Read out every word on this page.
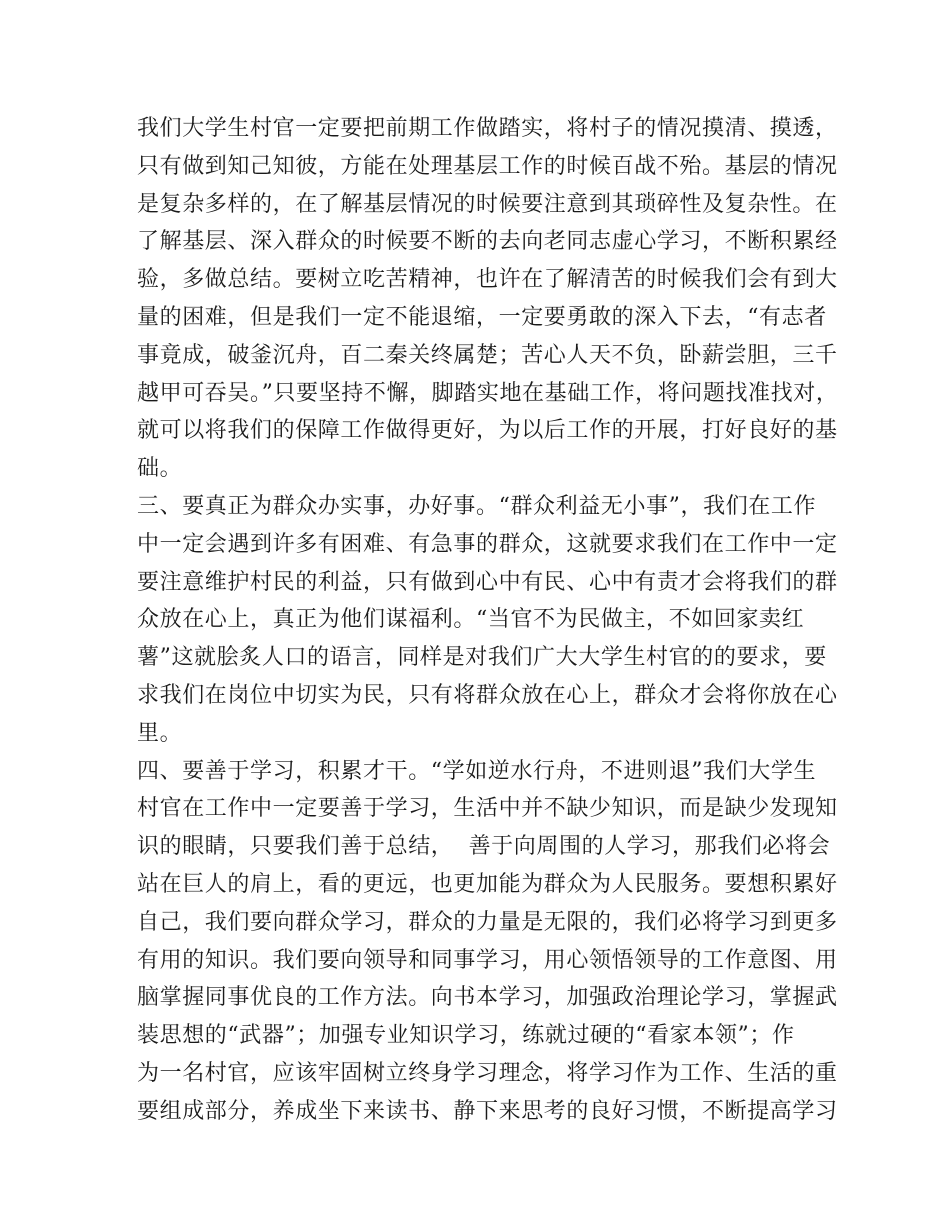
我们大学生村官一定要把前期工作做踏实，将村子的情况摸清、摸透，
只有做到知己知彼，方能在处理基层工作的时候百战不殆。基层的情况
是复杂多样的，在了解基层情况的时候要注意到其琐碎性及复杂性。在
了解基层、深入群众的时候要不断的去向老同志虚心学习，不断积累经
验，多做总结。要树立吃苦精神，也许在了解清苦的时候我们会有到大
量的困难，但是我们一定不能退缩，一定要勇敢的深入下去，“有志者
事竟成，破釜沉舟，百二秦关终属楚；苦心人天不负，卧薪尝胆，三千
越甲可吞吴。”只要坚持不懈，脚踏实地在基础工作，将问题找准找对，
就可以将我们的保障工作做得更好，为以后工作的开展，打好良好的基
础。
三、要真正为群众办实事，办好事。“群众利益无小事”，我们在工作
中一定会遇到许多有困难、有急事的群众，这就要求我们在工作中一定
要注意维护村民的利益，只有做到心中有民、心中有责才会将我们的群
众放在心上，真正为他们谋福利。“当官不为民做主，不如回家卖红
薯”这就脍炙人口的语言，同样是对我们广大大学生村官的的要求，要
求我们在岗位中切实为民，只有将群众放在心上，群众才会将你放在心
里。
四、要善于学习，积累才干。“学如逆水行舟，不进则退”我们大学生
村官在工作中一定要善于学习，生活中并不缺少知识，而是缺少发现知
识的眼睛，只要我们善于总结，  善于向周围的人学习，那我们必将会
站在巨人的肩上，看的更远，也更加能为群众为人民服务。要想积累好
自己，我们要向群众学习，群众的力量是无限的，我们必将学习到更多
有用的知识。我们要向领导和同事学习，用心领悟领导的工作意图、用
脑掌握同事优良的工作方法。向书本学习，加强政治理论学习，掌握武
装思想的“武器”；加强专业知识学习，练就过硬的“看家本领”；作
为一名村官，应该牢固树立终身学习理念，将学习作为工作、生活的重
要组成部分，养成坐下来读书、静下来思考的良好习惯，不断提高学习
